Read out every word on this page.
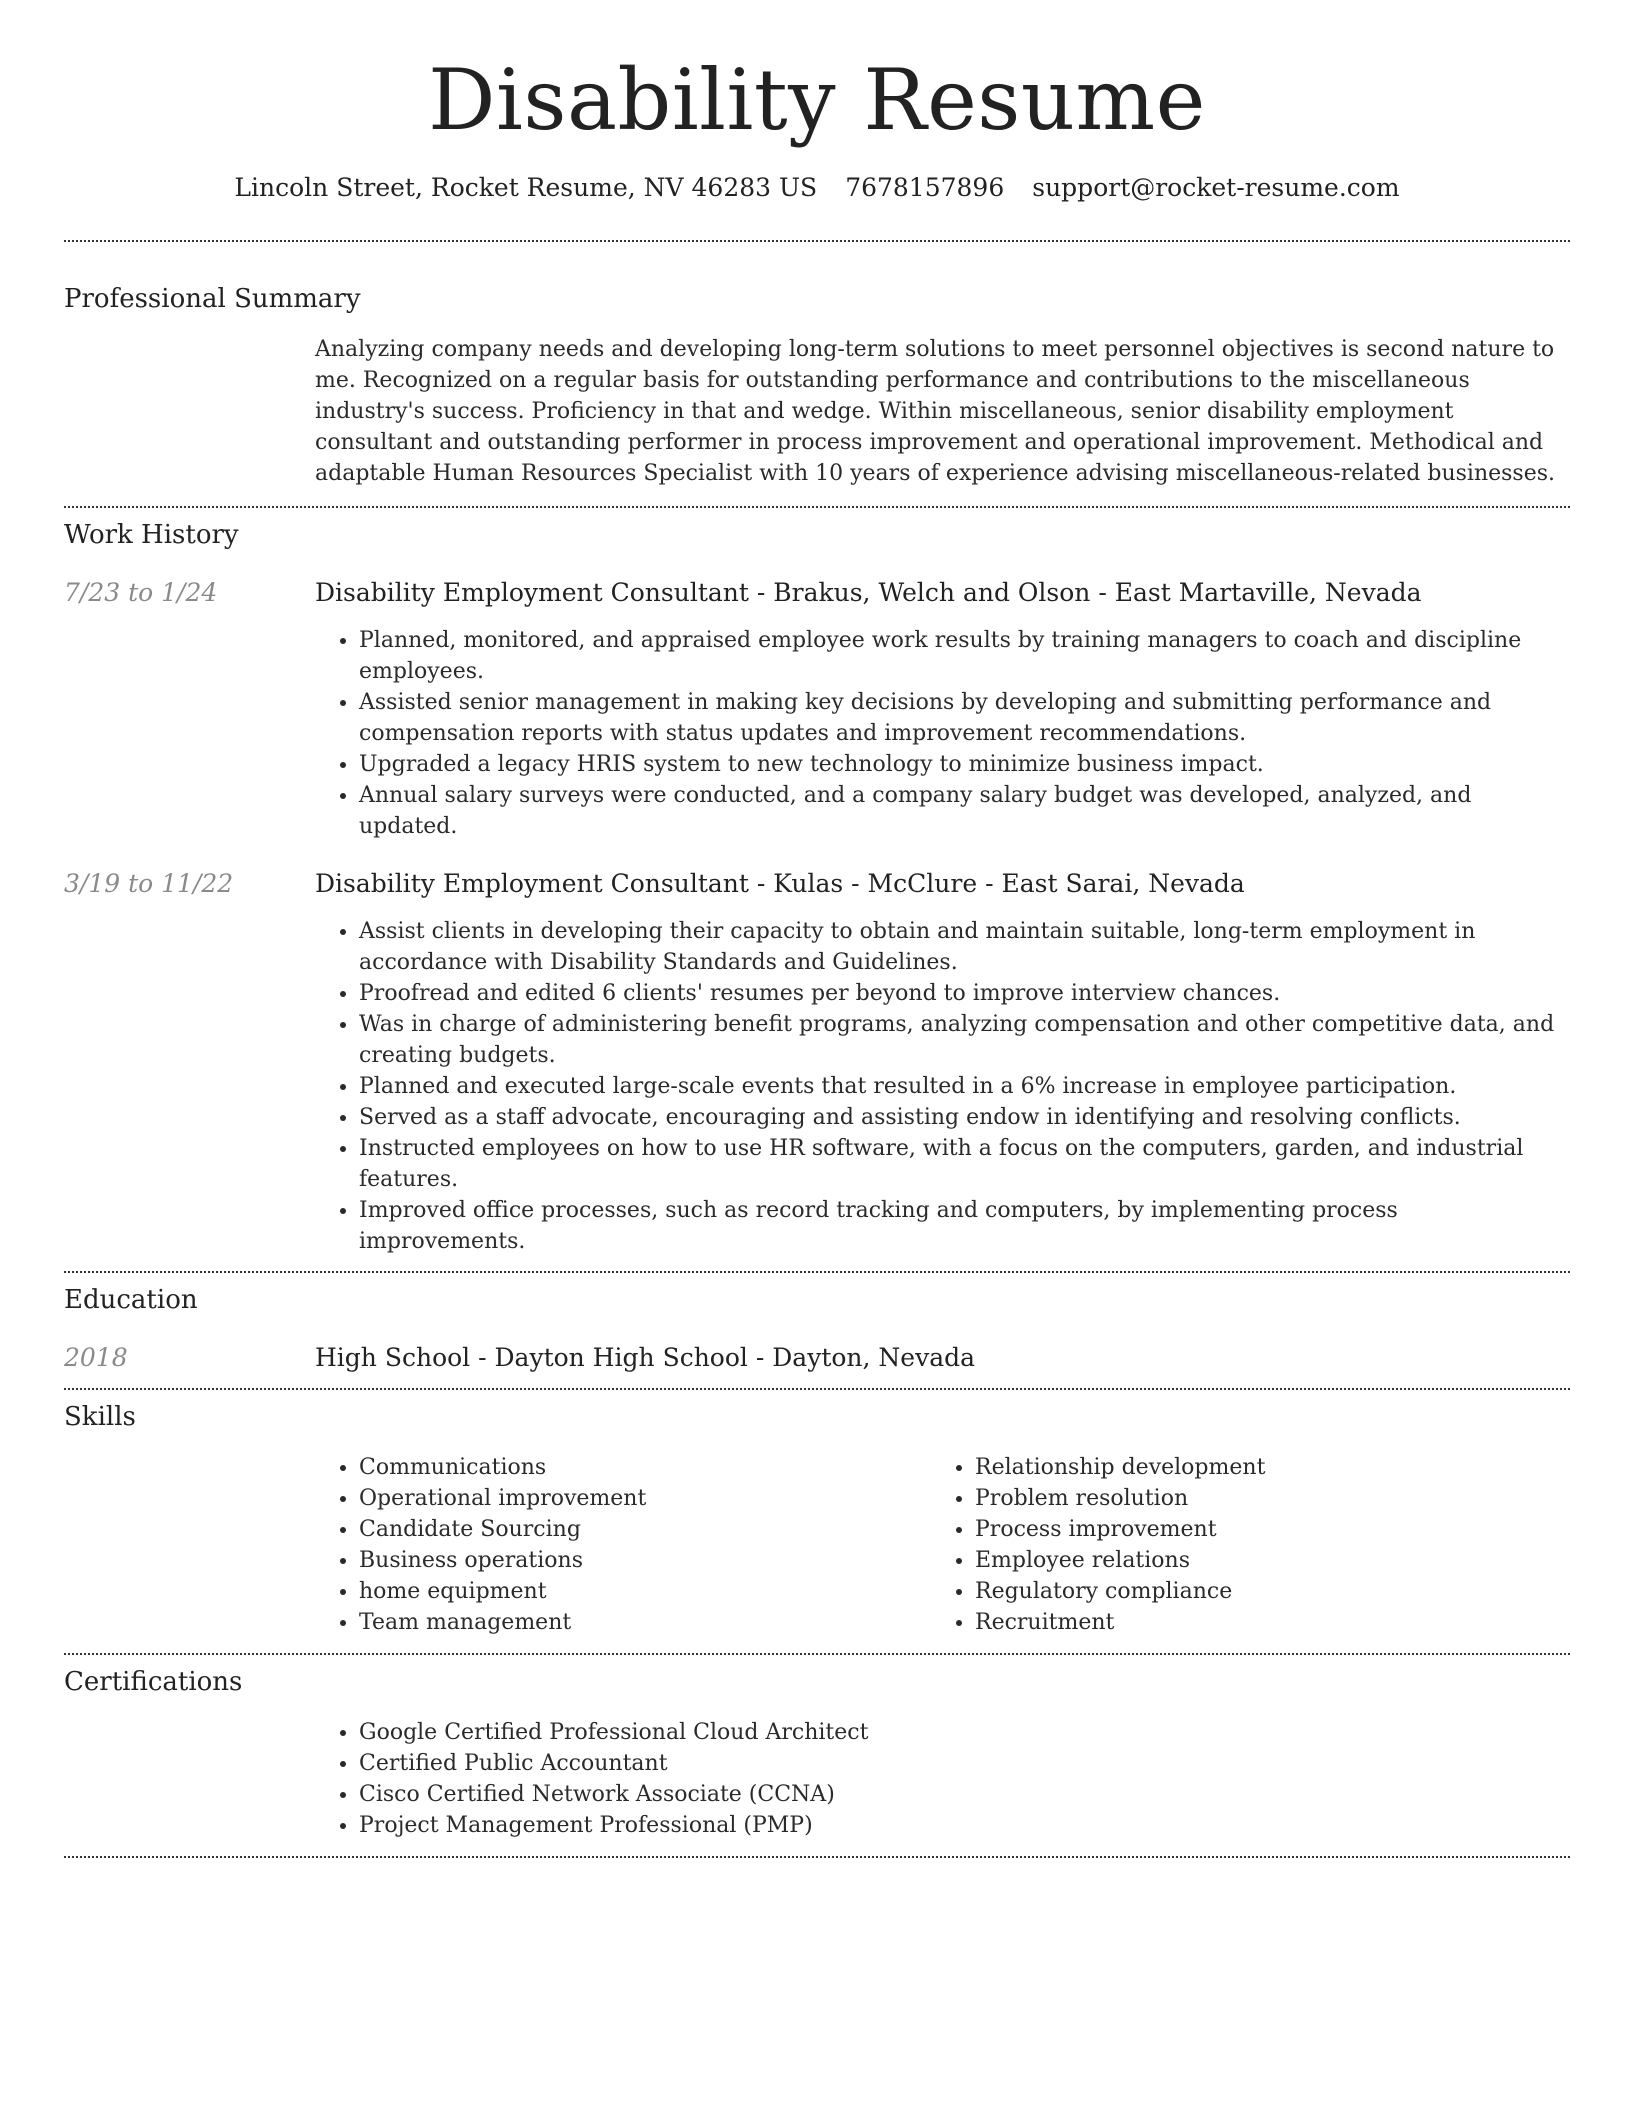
Disability Resume
Lincoln Street, Rocket Resume, NV 46283 US 7678157896 support@rocket-resume.com
Professional Summary
Analyzing company needs and developing long-term solutions to meet personnel objectives is second nature to me. Recognized on a regular basis for outstanding performance and contributions to the miscellaneous industry's success. Proficiency in that and wedge. Within miscellaneous, senior disability employment consultant and outstanding performer in process improvement and operational improvement. Methodical and adaptable Human Resources Specialist with 10 years of experience advising miscellaneous-related businesses.
Work History
7/23 to 1/24	Disability Employment Consultant - Brakus, Welch and Olson - East Martaville, Nevada
• Planned, monitored, and appraised employee work results by training managers to coach and discipline employees.
• Assisted senior management in making key decisions by developing and submitting performance and compensation reports with status updates and improvement recommendations.
• Upgraded a legacy HRIS system to new technology to minimize business impact.
• Annual salary surveys were conducted, and a company salary budget was developed, analyzed, and updated.
3/19 to 11/22	Disability Employment Consultant - Kulas - McClure - East Sarai, Nevada
• Assist clients in developing their capacity to obtain and maintain suitable, long-term employment in accordance with Disability Standards and Guidelines.
• Proofread and edited 6 clients' resumes per beyond to improve interview chances.
• Was in charge of administering benefit programs, analyzing compensation and other competitive data, and creating budgets.
• Planned and executed large-scale events that resulted in a 6% increase in employee participation.
• Served as a staff advocate, encouraging and assisting endow in identifying and resolving conflicts.
• Instructed employees on how to use HR software, with a focus on the computers, garden, and industrial features.
• Improved office processes, such as record tracking and computers, by implementing process improvements.
Education
2018	High School - Dayton High School - Dayton, Nevada
Skills
• Communications
• Operational improvement
• Candidate Sourcing
• Business operations
• home equipment
• Team management
• Relationship development
• Problem resolution
• Process improvement
• Employee relations
• Regulatory compliance
• Recruitment
Certifications
• Google Certified Professional Cloud Architect
• Certified Public Accountant
• Cisco Certified Network Associate (CCNA)
• Project Management Professional (PMP)
